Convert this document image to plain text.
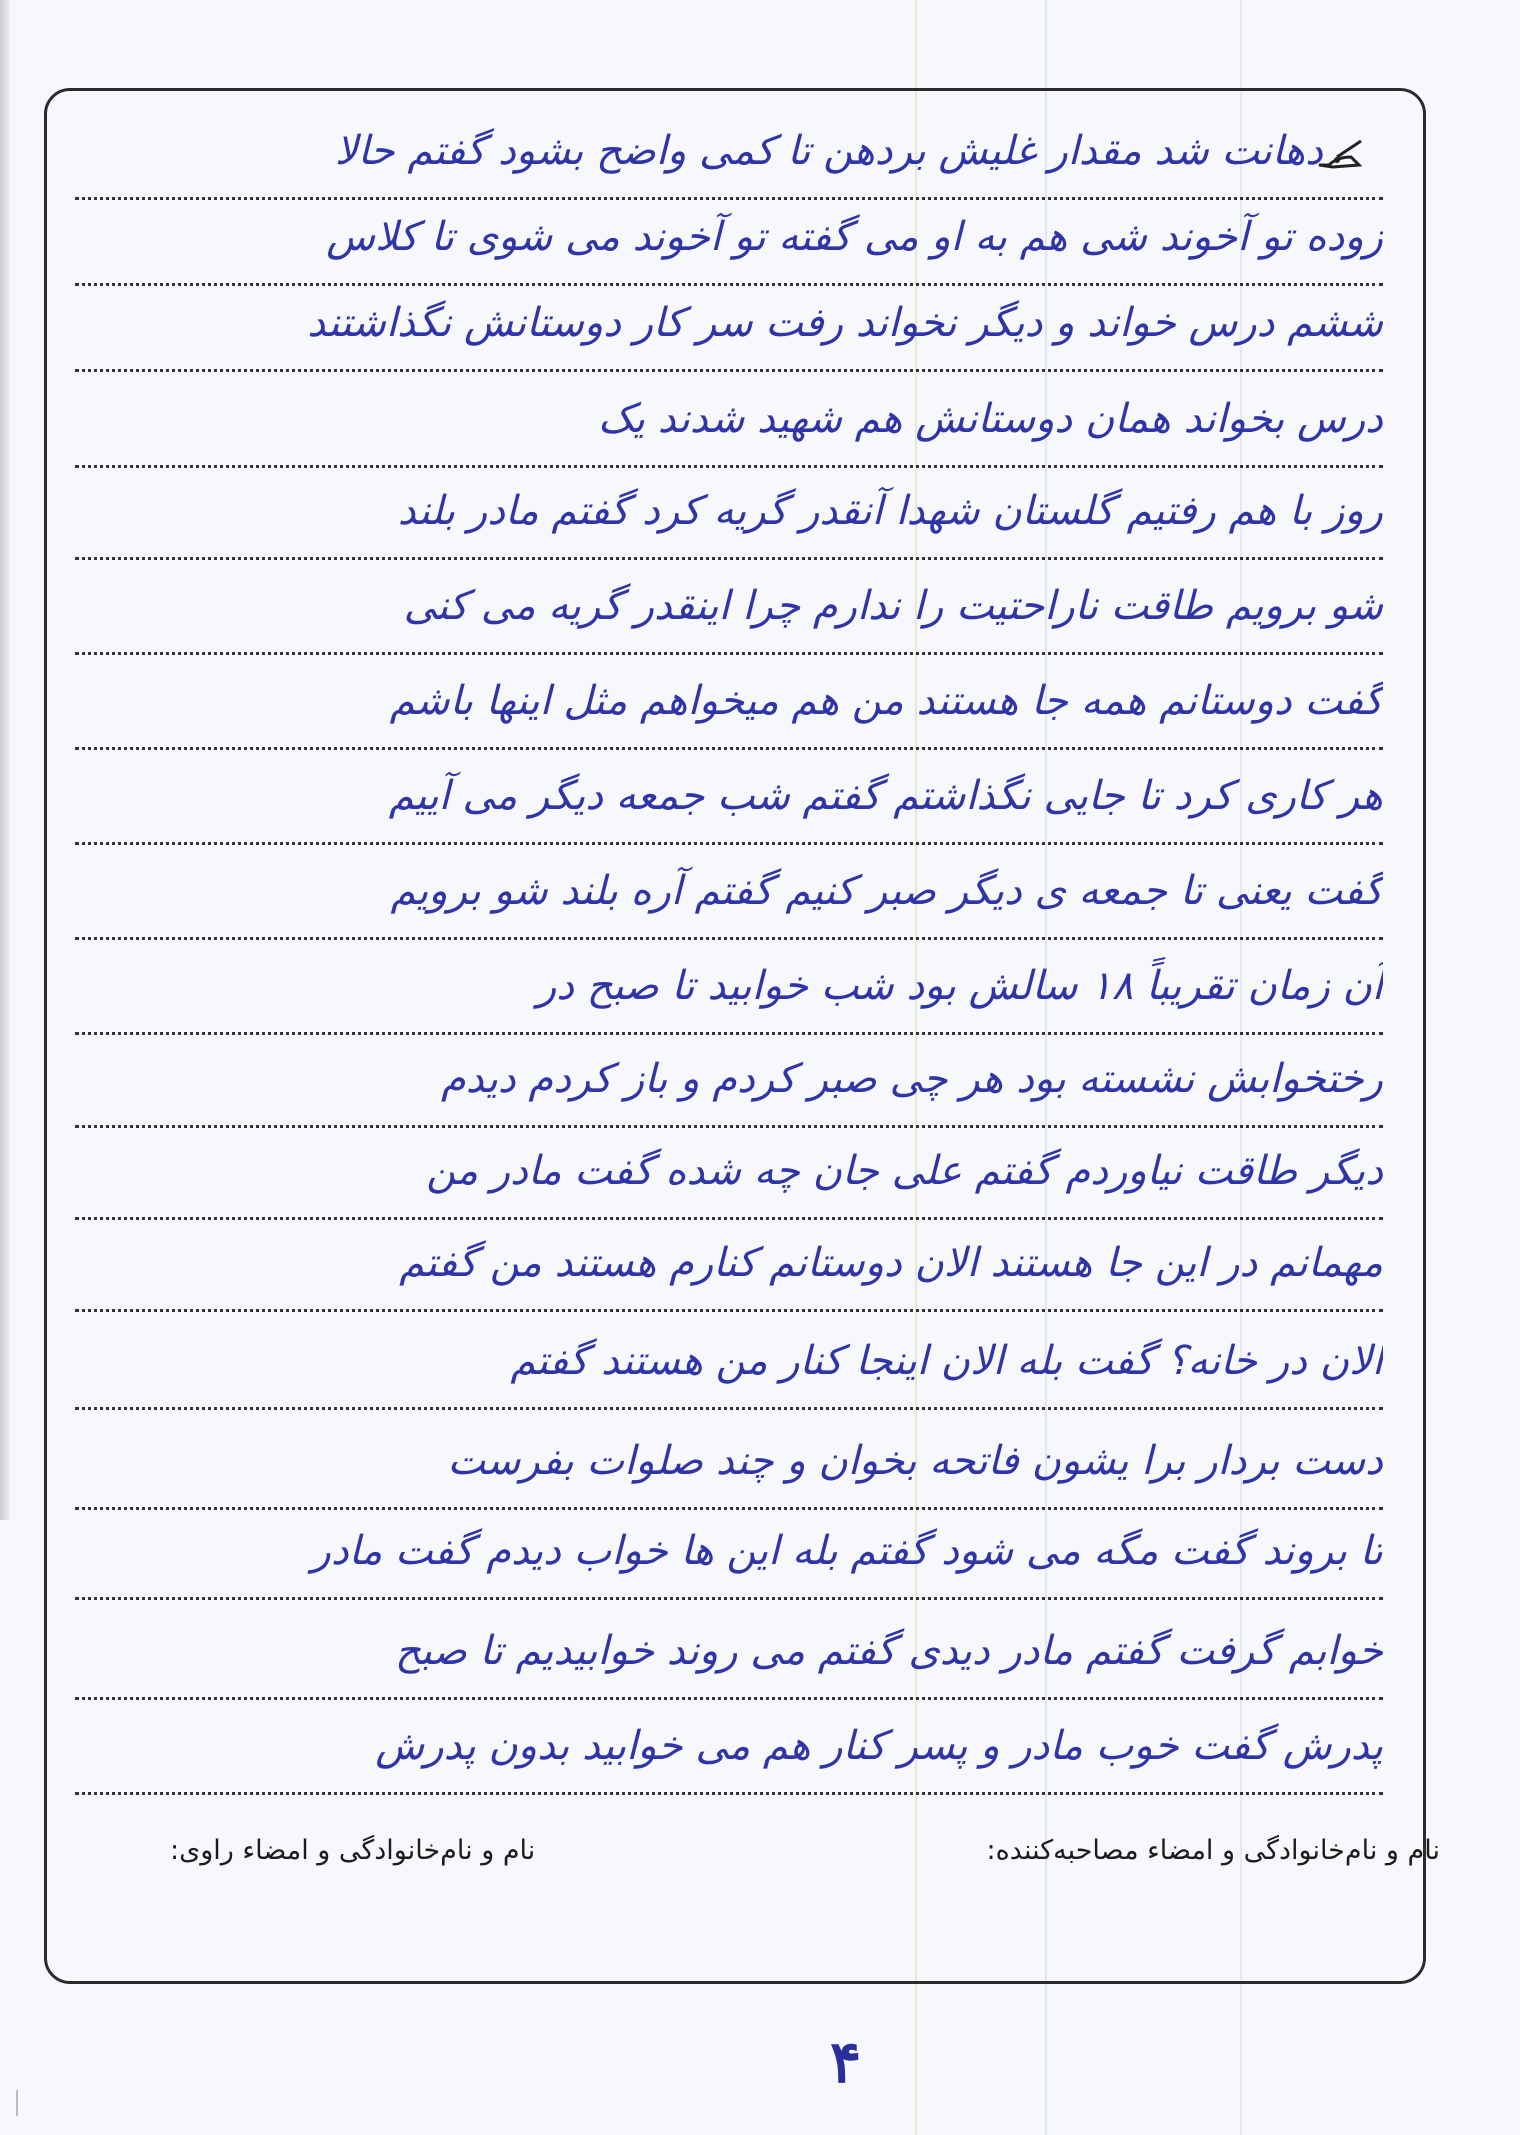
دهانت شد مقدار غلیش بردهن تا کمی واضح بشود گفتم حالا
زوده تو آخوند شی هم به او می گفته تو آخوند می شوی تا کلاس
ششم درس خواند و دیگر نخواند رفت سر کار دوستانش نگذاشتند
درس بخواند همان دوستانش هم شهید شدند یک
روز با هم رفتیم گلستان شهدا آنقدر گریه کرد گفتم مادر بلند
شو برویم طاقت ناراحتیت را ندارم چرا اینقدر گریه می کنی
گفت دوستانم همه جا هستند من هم میخواهم مثل اینها باشم
هر کاری کرد تا جایی نگذاشتم گفتم شب جمعه دیگر می آییم
گفت یعنی تا جمعه ی دیگر صبر کنیم گفتم آره بلند شو برویم
آن زمان تقریباً ۱۸ سالش بود شب خوابید تا صبح در
رختخوابش نشسته بود هر چی صبر کردم و باز کردم دیدم
دیگر طاقت نیاوردم گفتم علی جان چه شده گفت مادر من
مهمانم در این جا هستند الان دوستانم کنارم هستند من گفتم
الان در خانه؟ گفت بله الان اینجا کنار من هستند گفتم
دست بردار برا یشون فاتحه بخوان و چند صلوات بفرست
تا بروند گفت مگه می شود گفتم بله این ها خواب دیدم گفت مادر
خوابم گرفت گفتم مادر دیدی گفتم می روند خوابیدیم تا صبح
پدرش گفت خوب مادر و پسر کنار هم می خوابید بدون پدرش
نام و نام‌خانوادگی و امضاء مصاحبه‌کننده:
نام و نام‌خانوادگی و امضاء راوی:
۴
